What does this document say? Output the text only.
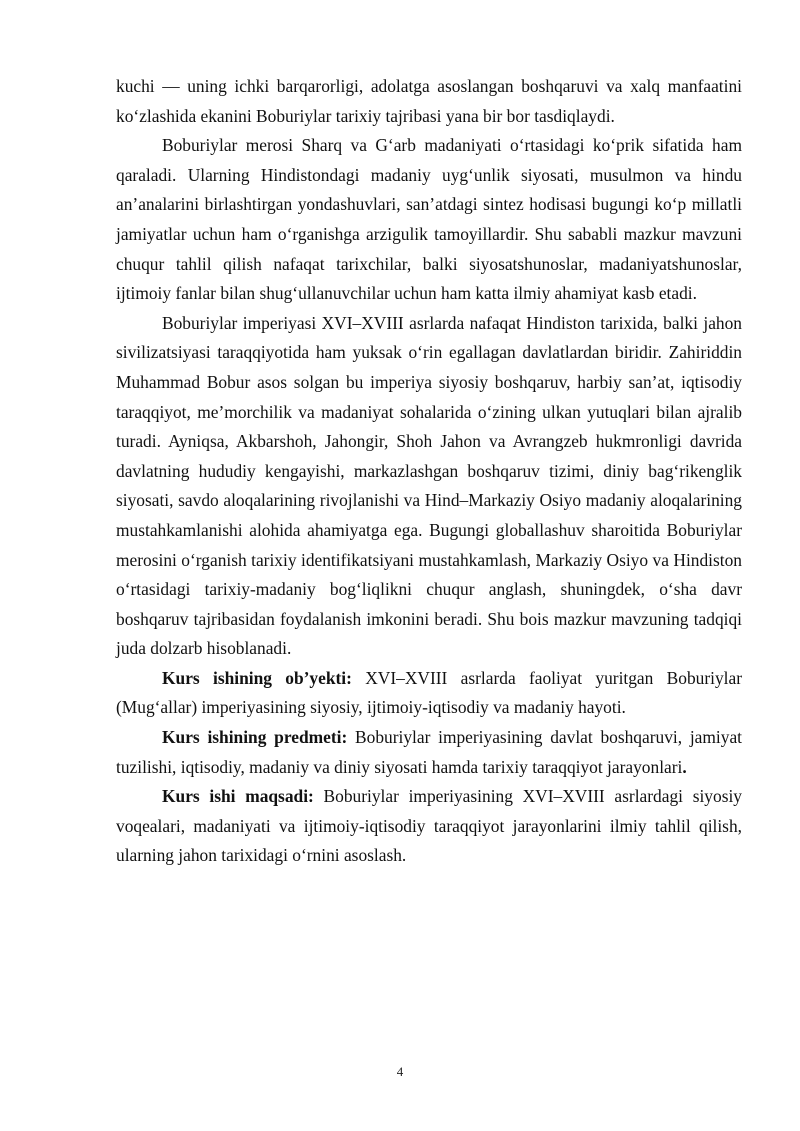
kuchi — uning ichki barqarorligi, adolatga asoslangan boshqaruvi va xalq manfaatini koʻzlashida ekanini Boburiylar tarixiy tajribasi yana bir bor tasdiqlaydi.

Boburiylar merosi Sharq va Gʻarb madaniyati oʻrtasidagi koʻprik sifatida ham qaraladi. Ularning Hindistondagi madaniy uygʻunlik siyosati, musulmon va hindu an’analarini birlashtirgan yondashuvlari, san’atdagi sintez hodisasi bugungi koʻp millatli jamiyatlar uchun ham oʻrganishga arzigulik tamoyillardir. Shu sababli mazkur mavzuni chuqur tahlil qilish nafaqat tarixchilar, balki siyosatshunoslar, madaniyatshunoslar, ijtimoiy fanlar bilan shugʻullanuvchilar uchun ham katta ilmiy ahamiyat kasb etadi.

Boburiylar imperiyasi XVI–XVIII asrlarda nafaqat Hindiston tarixida, balki jahon sivilizatsiyasi taraqqiyotida ham yuksak oʻrin egallagan davlatlardan biridir. Zahiriddin Muhammad Bobur asos solgan bu imperiya siyosiy boshqaruv, harbiy san’at, iqtisodiy taraqqiyot, me’morchilik va madaniyat sohalarida oʻzining ulkan yutuqlari bilan ajralib turadi. Ayniqsa, Akbarshoh, Jahongir, Shoh Jahon va Avrangzeb hukmronligi davrida davlatning hududiy kengayishi, markazlashgan boshqaruv tizimi, diniy bagʻrikenglik siyosati, savdo aloqalarining rivojlanishi va Hind–Markaziy Osiyo madaniy aloqalarining mustahkamlanishi alohida ahamiyatga ega. Bugungi globallashuv sharoitida Boburiylar merosini oʻrganish tarixiy identifikatsiyani mustahkamlash, Markaziy Osiyo va Hindiston oʻrtasidagi tarixiy-madaniy bogʻliqlikni chuqur anglash, shuningdek, oʻsha davr boshqaruv tajribasidan foydalanish imkonini beradi. Shu bois mazkur mavzuning tadqiqi juda dolzarb hisoblanadi.

Kurs ishining ob’yekti: XVI–XVIII asrlarda faoliyat yuritgan Boburiylar (Mugʻallar) imperiyasining siyosiy, ijtimoiy-iqtisodiy va madaniy hayoti.

Kurs ishining predmeti: Boburiylar imperiyasining davlat boshqaruvi, jamiyat tuzilishi, iqtisodiy, madaniy va diniy siyosati hamda tarixiy taraqqiyot jarayonlari.

Kurs ishi maqsadi: Boburiylar imperiyasining XVI–XVIII asrlardagi siyosiy voqealari, madaniyati va ijtimoiy-iqtisodiy taraqqiyot jarayonlarini ilmiy tahlil qilish, ularning jahon tarixidagi oʻrnini asoslash.

4
